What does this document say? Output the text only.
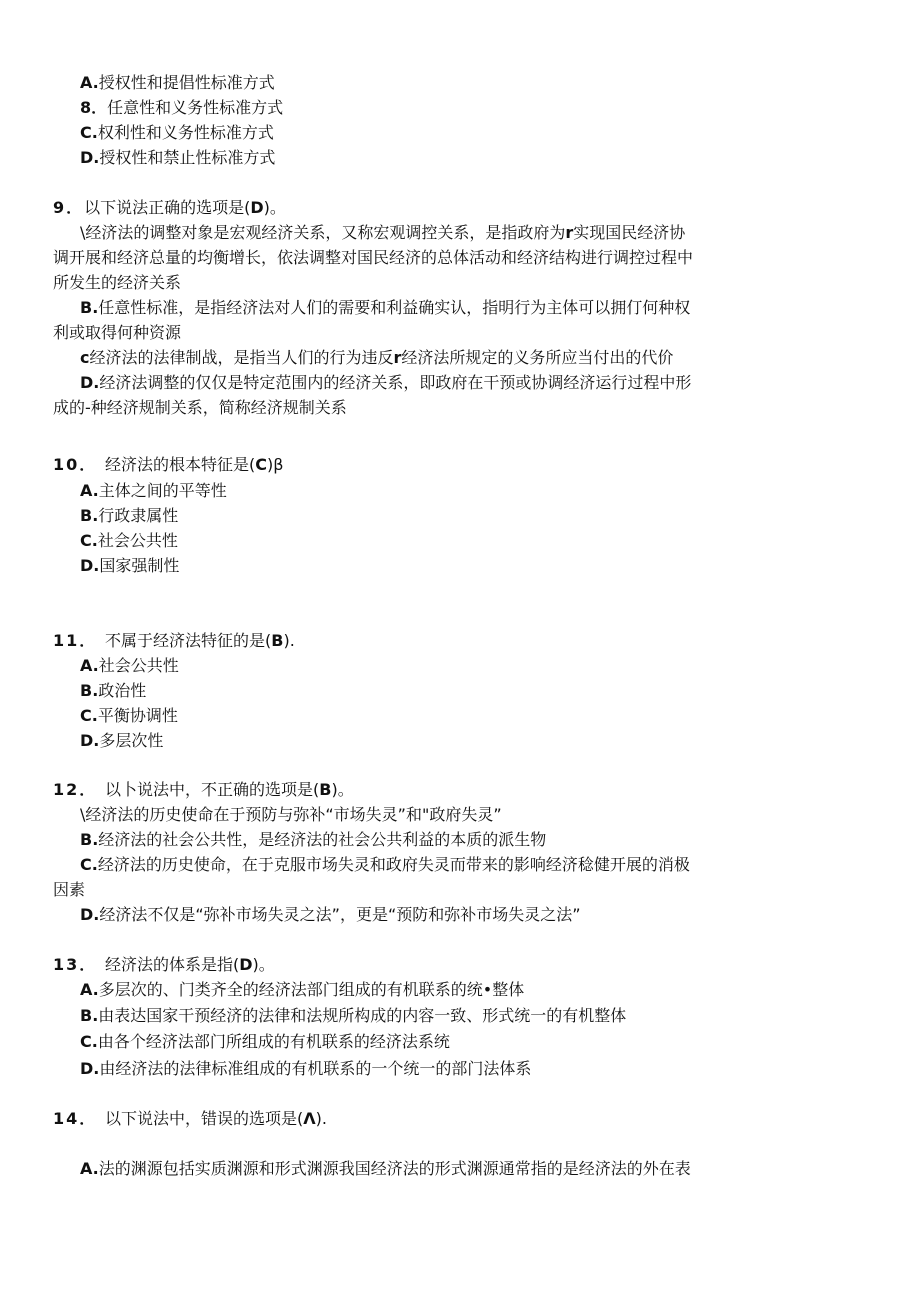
A.授权性和提倡性标准方式
8．任意性和义务性标准方式
C.权利性和义务性标准方式
D.授权性和禁止性标准方式
9．以下说法正确的选项是(D)。
\经济法的调整对象是宏观经济关系，又称宏观调控关系，是指政府为r实现国民经济协
调开展和经济总量的均衡增长，依法调整对国民经济的总体活动和经济结构进行调控过程中
所发生的经济关系
B.任意性标准，是指经济法对人们的需要和利益确实认，指明行为主体可以拥仃何种权
利或取得何种资源
c经济法的法律制战，是指当人们的行为违反r经济法所规定的义务所应当付出的代价
D.经济法调整的仅仅是特定范围内的经济关系，即政府在干预或协调经济运行过程中形
成的-种经济规制关系，简称经济规制关系
10． 经济法的根本特征是(C)β
A.主体之间的平等性
B.行政隶属性
C.社会公共性
D.国家强制性
11． 不属于经济法特征的是(B).
A.社会公共性
B.政治性
C.平衡协调性
D.多层次性
12． 以卜说法中，不正确的选项是(B)。
\经济法的历史使命在于预防与弥补“市场失灵”和"政府失灵”
B.经济法的社会公共性，是经济法的社会公共利益的本质的派生物
C.经济法的历史使命，在于克服市场失灵和政府失灵而带来的影响经济稔健开展的消极
因素
D.经济法不仅是“弥补市场失灵之法”，更是“预防和弥补市场失灵之法”
13． 经济法的体系是指(D)。
A.多层次的、门类齐全的经济法部门组成的有机联系的统•整体
B.由表达国家干预经济的法律和法规所构成的内容一致、形式统一的有机整体
C.由各个经济法部门所组成的有机联系的经济法系统
D.由经济法的法律标准组成的有机联系的一个统一的部门法体系
14． 以下说法中，错误的选项是(Λ).
A.法的渊源包括实质渊源和形式渊源我国经济法的形式渊源通常指的是经济法的外在表
